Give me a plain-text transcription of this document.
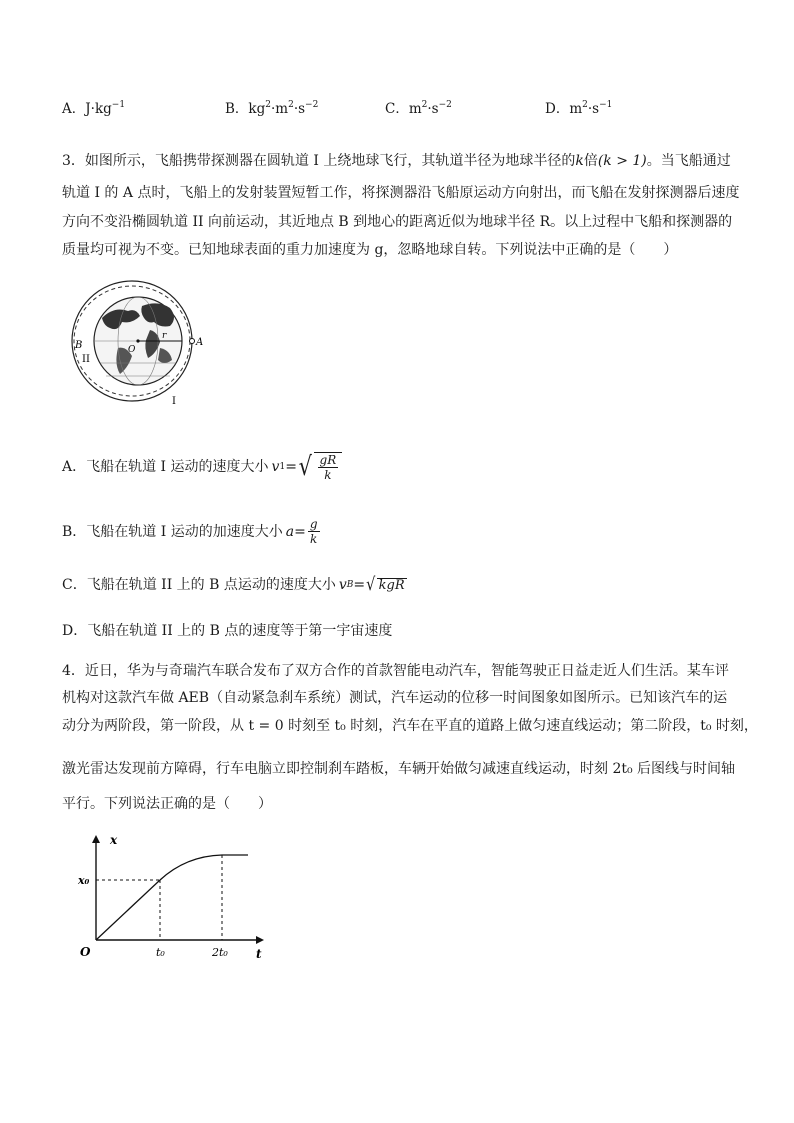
A．$J\cdot kg^{-1}$	B．$kg^2\cdot m^2\cdot s^{-2}$	C．$m^2\cdot s^{-2}$	D．$m^2\cdot s^{-1}$
3．如图所示，飞船携带探测器在圆轨道 I 上绕地球飞行，其轨道半径为地球半径的k倍(k > 1)。当飞船通过
轨道 I 的 A 点时，飞船上的发射装置短暂工作，将探测器沿飞船原运动方向射出，而飞船在发射探测器后速度
方向不变沿椭圆轨道 II 向前运动，其近地点 B 到地心的距离近似为地球半径 R。以上过程中飞船和探测器的
质量均可视为不变。已知地球表面的重力加速度为 g，忽略地球自转。下列说法中正确的是（　　）
A
B
II
I
r
O
A．飞船在轨道 I 运动的速度大小 v 1 = √ $\frac{gR}{k}$
B．飞船在轨道 I 运动的加速度大小 $a = \frac{g}{k}$
C．飞船在轨道 II 上的 B 点运动的速度大小 v B = √ kgR
D．飞船在轨道 II 上的 B 点的速度等于第一宇宙速度
4．近日，华为与奇瑞汽车联合发布了双方合作的首款智能电动汽车，智能驾驶正日益走近人们生活。某车评
机构对这款汽车做 AEB（自动紧急刹车系统）测试，汽车运动的位移一时间图象如图所示。已知该汽车的运
动分为两阶段，第一阶段，从 t = 0 时刻至 t₀ 时刻，汽车在平直的道路上做匀速直线运动；第二阶段，t₀ 时刻，
激光雷达发现前方障碍，行车电脑立即控制刹车踏板，车辆开始做匀减速直线运动，时刻 2t₀ 后图线与时间轴
平行。下列说法正确的是（　　）
x
t
O
x₀
t₀	2t₀
